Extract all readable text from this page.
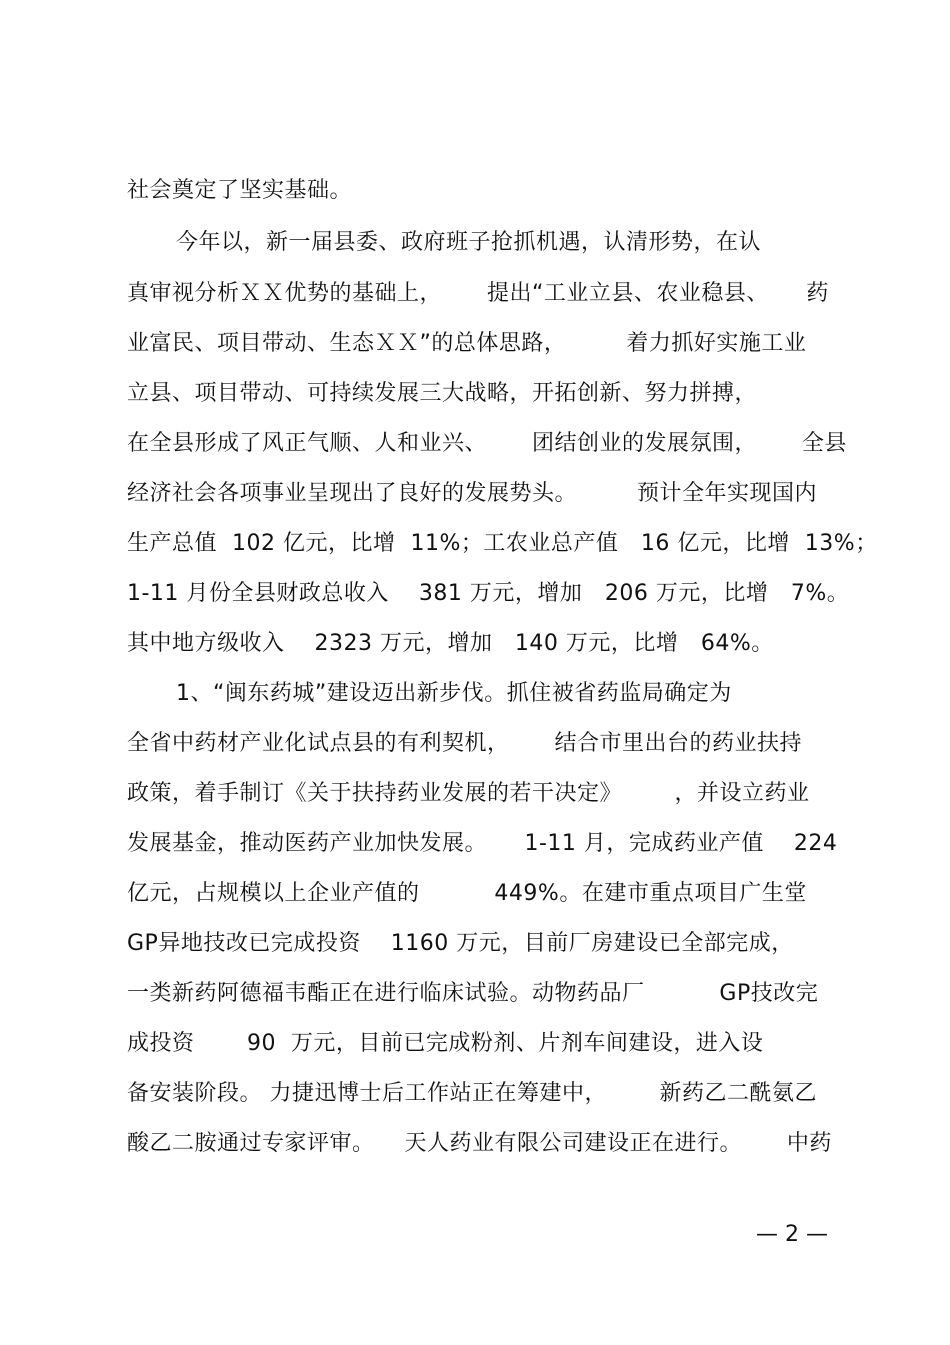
社会奠定了坚实基础。
今年以，新一届县委、政府班子抢抓机遇，认清形势，在认
真审视分析ＸＸ优势的基础上，      提出“工业立县、农业稳县、     药
业富民、项目带动、生态ＸＸ”的总体思路，        着力抓好实施工业
立县、项目带动、可持续发展三大战略，开拓创新、努力拼搏，
在全县形成了风正气顺、人和业兴、      团结创业的发展氛围，      全县
经济社会各项事业呈现出了良好的发展势头。        预计全年实现国内
生产总值  102 亿元，比增  11%；工农业总产值   16 亿元，比增  13%；
1-11 月份全县财政总收入    381 万元，增加   206 万元，比增   7%。
其中地方级收入    2323 万元，增加   140 万元，比增   64%。
1、“闽东药城”建设迈出新步伐。抓住被省药监局确定为
全省中药材产业化试点县的有利契机，      结合市里出台的药业扶持
政策，着手制订《关于扶持药业发展的若干决定》       ，并设立药业
发展基金，推动医药产业加快发展。     1-11 月，完成药业产值    224
亿元，占规模以上企业产值的          449%。在建市重点项目广生堂
GP异地技改已完成投资    1160 万元，目前厂房建设已全部完成，
一类新药阿德福韦酯正在进行临床试验。动物药品厂          GP技改完
成投资       90  万元，目前已完成粉剂、片剂车间建设，进入设
备安装阶段。 力捷迅博士后工作站正在筹建中，       新药乙二酰氨乙
酸乙二胺通过专家评审。    天人药业有限公司建设正在进行。      中药
— 2 —
